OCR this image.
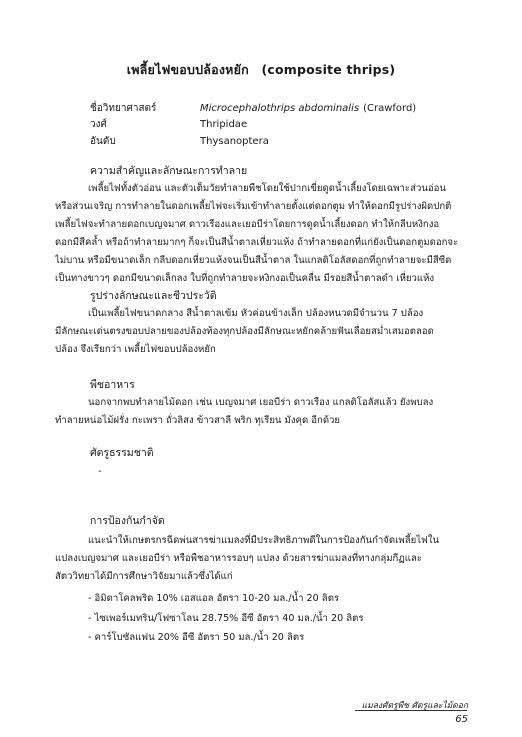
เพลี้ยไฟขอบปล้องหยัก (composite thrips)
ชื่อวิทยาศาสตร์	Microcephalothrips abdominalis (Crawford)
วงศ์	Thripidae
อันดับ	Thysanoptera
ความสำคัญและลักษณะการทำลาย
เพลี้ยไฟทั้งตัวอ่อน และตัวเต็มวัยทำลายพืชโดยใช้ปากเขี่ยดูดน้ำเลี้ยงโดยเฉพาะส่วนอ่อน
หรือส่วนเจริญ การทำลายในดอกเพลี้ยไฟจะเริ่มเข้าทำลายตั้งแต่ดอกตูม ทำให้ดอกมีรูปร่างผิดปกติ
เพลี้ยไฟจะทำลายดอกเบญจมาศ ดาวเรืองและเยอบีร่าโดยการดูดน้ำเลี้ยงดอก ทำให้กลีบหงิกงอ
ดอกมีสีคล้ำ หรือถ้าทำลายมากๆ ก็จะเป็นสีน้ำตาลเหี่ยวแห้ง ถ้าทำลายดอกที่แก่ยังเป็นดอกตูมดอกจะ
ไม่บาน หรือมีขนาดเล็ก กลีบดอกเหี่ยวแห้งจนเป็นสีน้ำตาล ในแกลดิโอลัสดอกที่ถูกทำลายจะมีสีซีด
เป็นทางขาวๆ ดอกมีขนาดเล็กลง ใบที่ถูกทำลายจะหงิกงอเป็นคลื่น มีรอยสีน้ำตาลดำ เหี่ยวแห้ง
รูปร่างลักษณะและชีวประวัติ
เป็นเพลี้ยไฟขนาดกลาง สีน้ำตาลเข้ม หัวค่อนข้างเล็ก ปล้องหนวดมีจำนวน 7 ปล้อง
มีลักษณะเด่นตรงขอบปลายของปล้องท้องทุกปล้องมีลักษณะหยักคล้ายฟันเลื่อยสม่ำเสมอตลอด
ปล้อง จึงเรียกว่า เพลี้ยไฟขอบปล้องหยัก
พืชอาหาร
นอกจากพบทำลายไม้ดอก เช่น เบญจมาศ เยอบีร่า ดาวเรือง แกลดิโอลัสแล้ว ยังพบลง
ทำลายหน่อไม้ฝรั่ง กะเพรา ถั่วลิสง ข้าวสาลี พริก ทุเรียน มังคุด อีกด้วย
ศัตรูธรรมชาติ
-
การป้องกันกำจัด
แนะนำให้เกษตรกรฉีดพ่นสารฆ่าแมลงที่มีประสิทธิภาพดีในการป้องกันกำจัดเพลี้ยไฟใน
แปลงเบญจมาศ และเยอบีร่า หรือพืชอาหารรอบๆ แปลง ด้วยสารฆ่าแมลงที่ทางกลุ่มกีฏและ
สัตววิทยาได้มีการศึกษาวิจัยมาแล้วซึ่งได้แก่
- อิมิดาโคลพริด 10% เอสแอล อัตรา 10-20 มล./น้ำ 20 ลิตร
- ไซเพอร์เมทริน/โฟซาโลน 28.75% อีซี อัตรา 40 มล./น้ำ 20 ลิตร
- คาร์โบซัลแฟน 20% อีซี อัตรา 50 มล./น้ำ 20 ลิตร
แมลงศัตรูพืช ศัตรูและไม้ดอก
65
